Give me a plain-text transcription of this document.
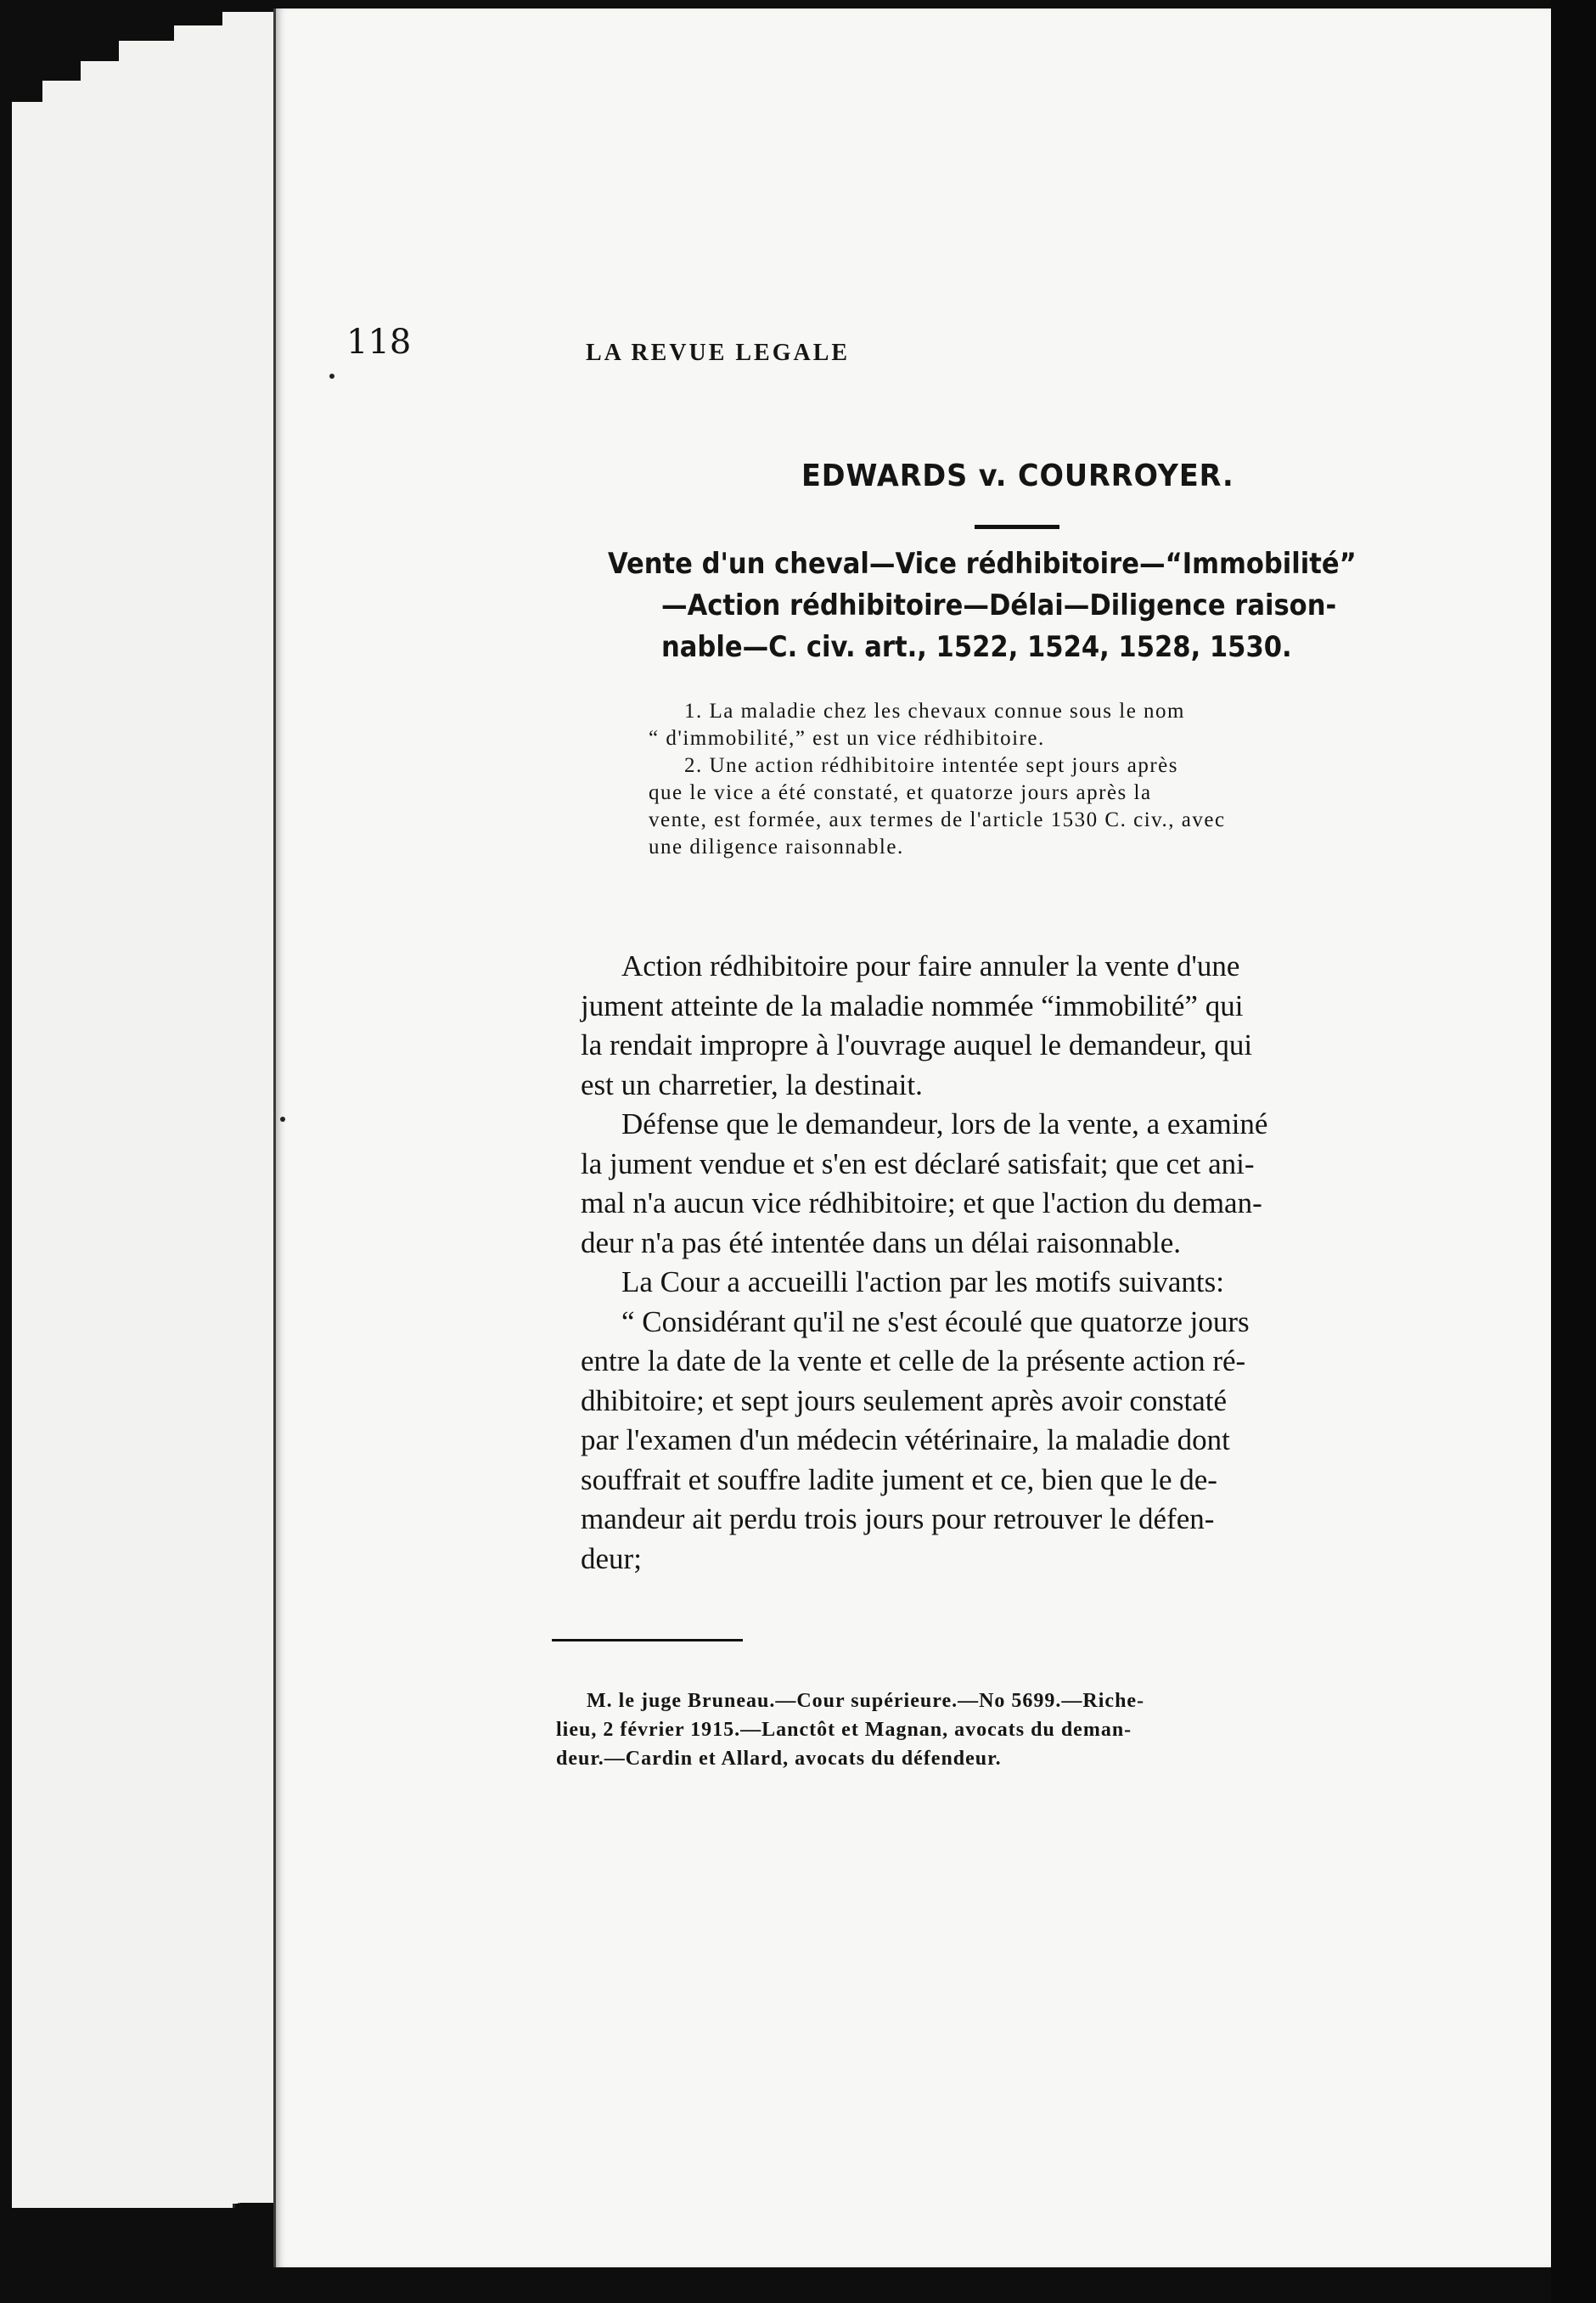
118	LA REVUE LEGALE
EDWARDS v. COURROYER.
Vente d'un cheval—Vice rédhibitoire—“Immobilité”
—Action rédhibitoire—Délai—Diligence raison-
nable—C. civ. art., 1522, 1524, 1528, 1530.
1. La maladie chez les chevaux connue sous le nom
“ d'immobilité,” est un vice rédhibitoire.
2. Une action rédhibitoire intentée sept jours après
que le vice a été constaté, et quatorze jours après la
vente, est formée, aux termes de l'article 1530 C. civ., avec
une diligence raisonnable.
Action rédhibitoire pour faire annuler la vente d'une
jument atteinte de la maladie nommée “immobilité” qui
la rendait impropre à l'ouvrage auquel le demandeur, qui
est un charretier, la destinait.
Défense que le demandeur, lors de la vente, a examiné
la jument vendue et s'en est déclaré satisfait; que cet ani-
mal n'a aucun vice rédhibitoire; et que l'action du deman-
deur n'a pas été intentée dans un délai raisonnable.
La Cour a accueilli l'action par les motifs suivants:
“ Considérant qu'il ne s'est écoulé que quatorze jours
entre la date de la vente et celle de la présente action ré-
dhibitoire; et sept jours seulement après avoir constaté
par l'examen d'un médecin vétérinaire, la maladie dont
souffrait et souffre ladite jument et ce, bien que le de-
mandeur ait perdu trois jours pour retrouver le défen-
deur;
M. le juge Bruneau.—Cour supérieure.—No 5699.—Riche-
lieu, 2 février 1915.—Lanctôt et Magnan, avocats du deman-
deur.—Cardin et Allard, avocats du défendeur.
